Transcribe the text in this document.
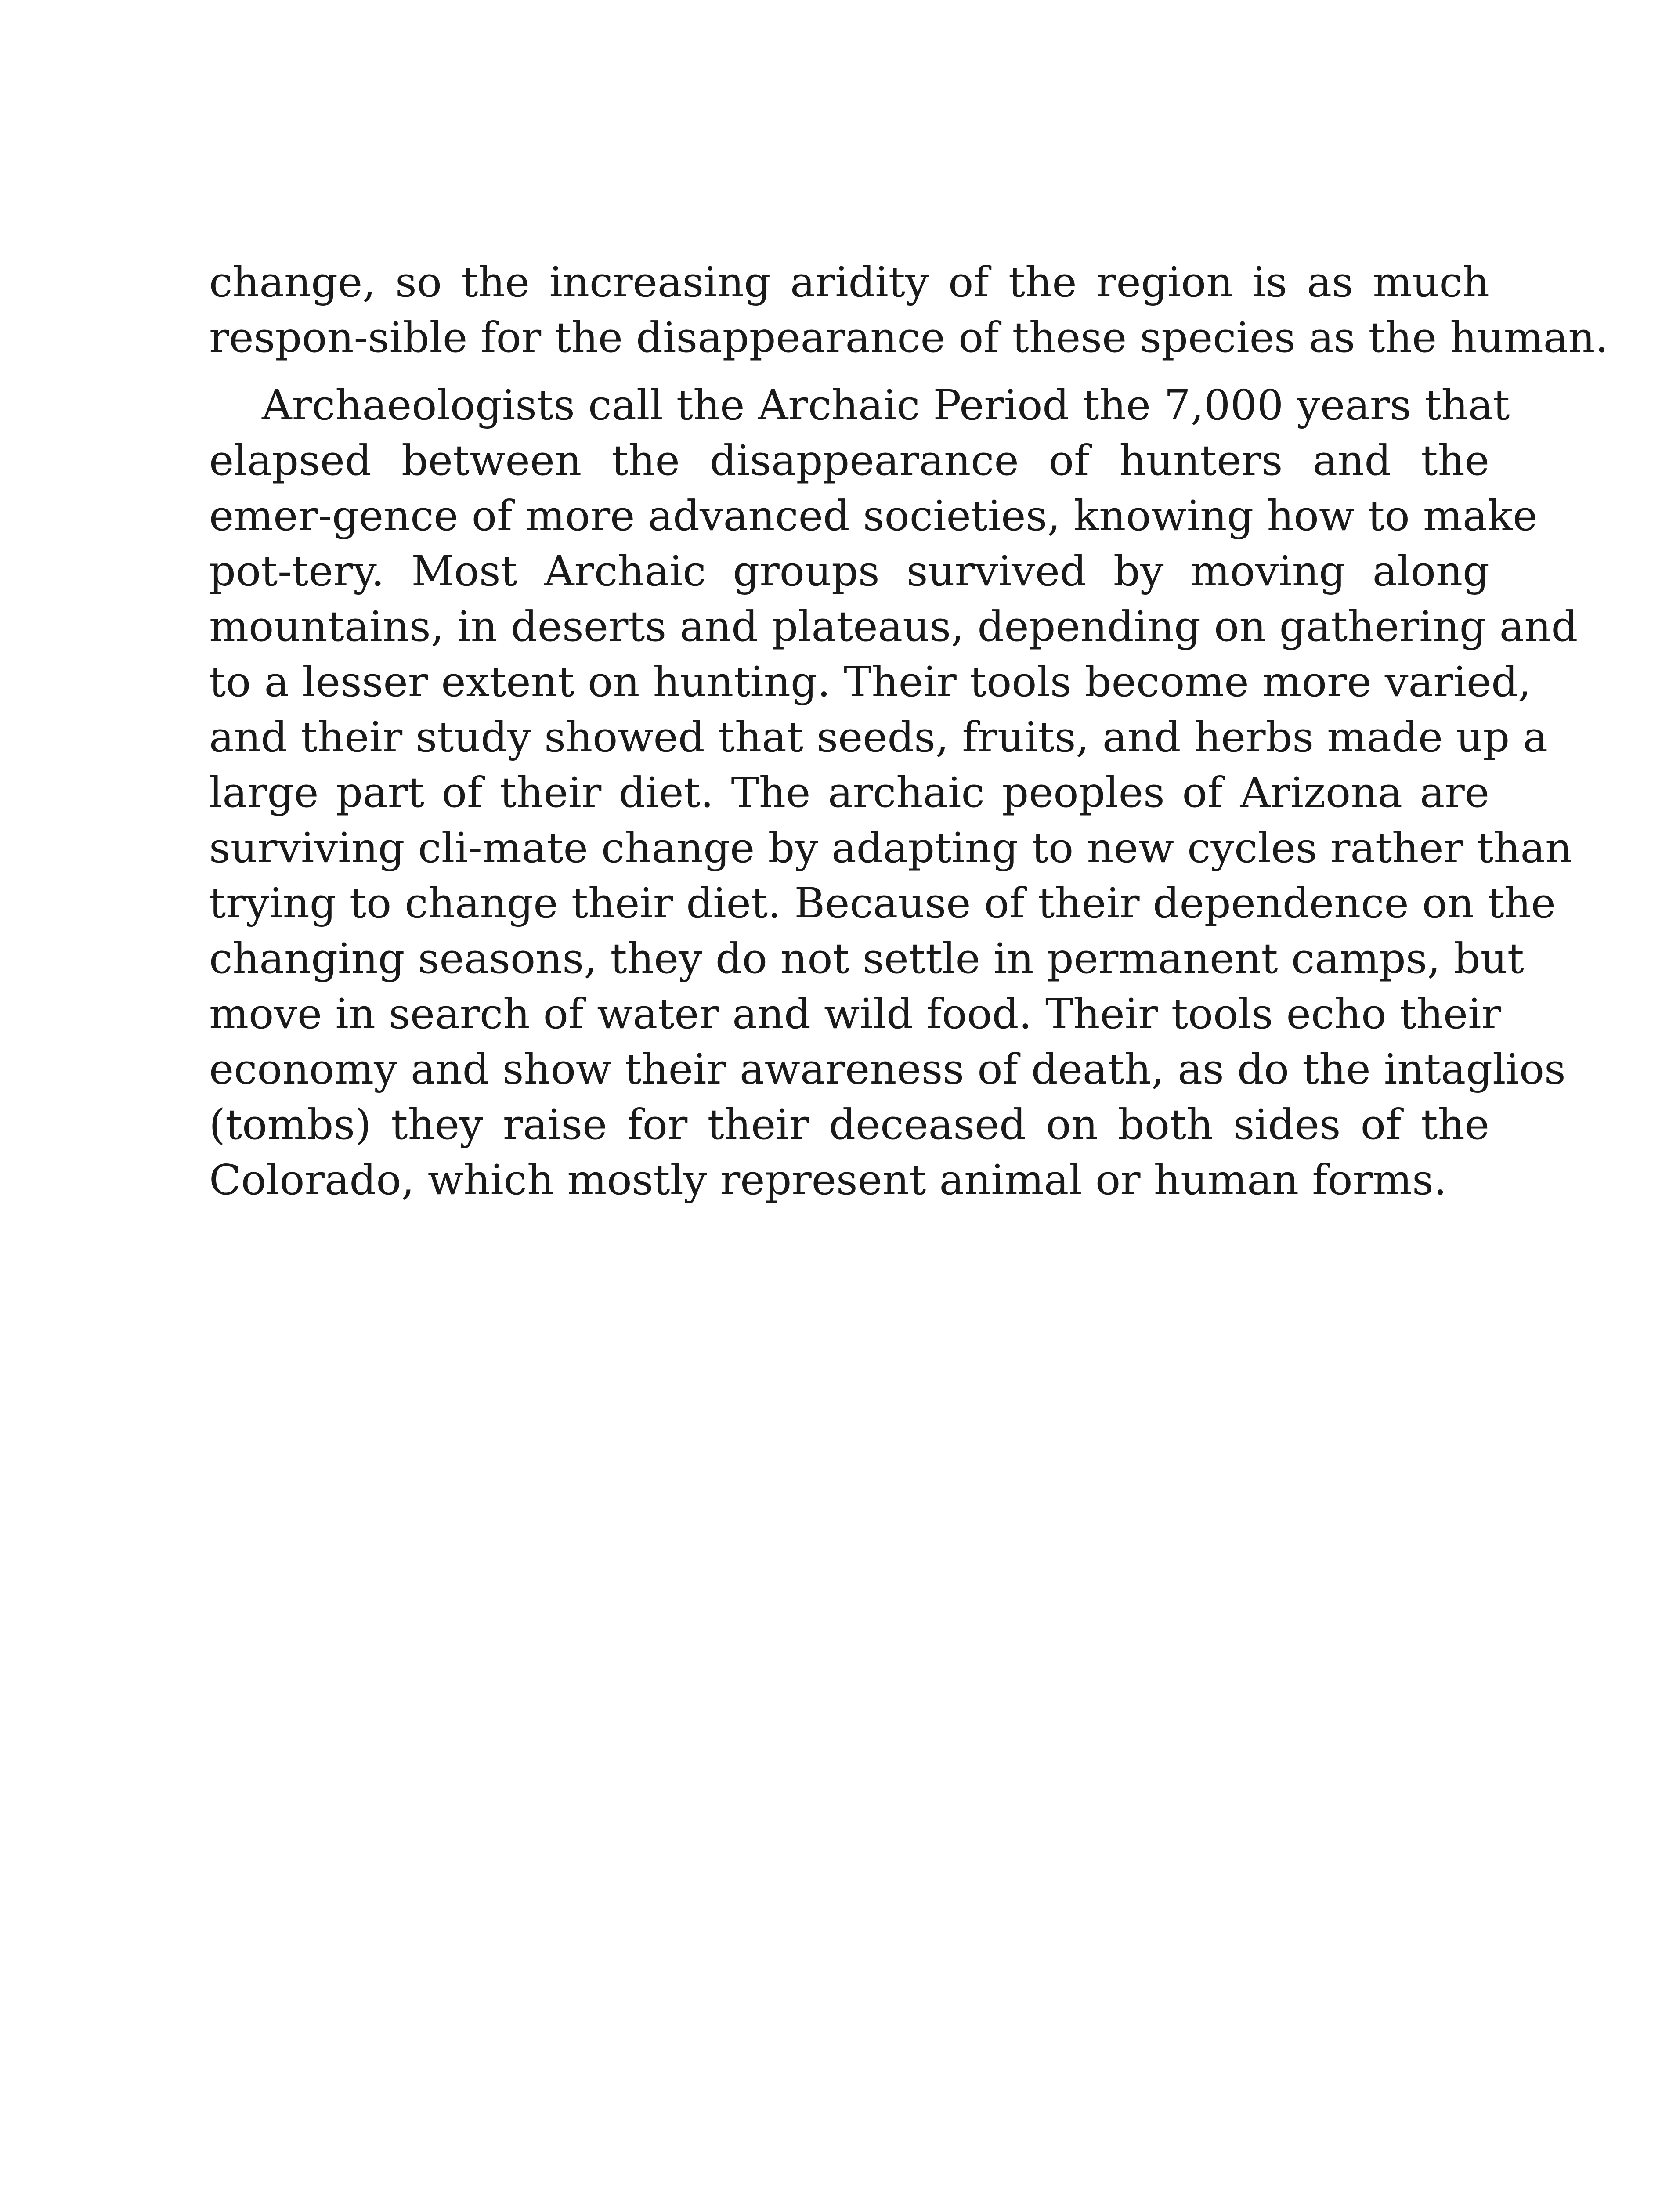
change, so the increasing aridity of the region is as much
respon-sible for the disappearance of these species as the human.
Archaeologists call the Archaic Period the 7,000 years that
elapsed between the disappearance of hunters and the
emer-gence of more advanced societies, knowing how to make
pot-tery. Most Archaic groups survived by moving along
mountains, in deserts and plateaus, depending on gathering and
to a lesser extent on hunting. Their tools become more varied,
and their study showed that seeds, fruits, and herbs made up a
large part of their diet. The archaic peoples of Arizona are
surviving cli-mate change by adapting to new cycles rather than
trying to change their diet. Because of their dependence on the
changing seasons, they do not settle in permanent camps, but
move in search of water and wild food. Their tools echo their
economy and show their awareness of death, as do the intaglios
(tombs) they raise for their deceased on both sides of the
Colorado, which mostly represent animal or human forms.
